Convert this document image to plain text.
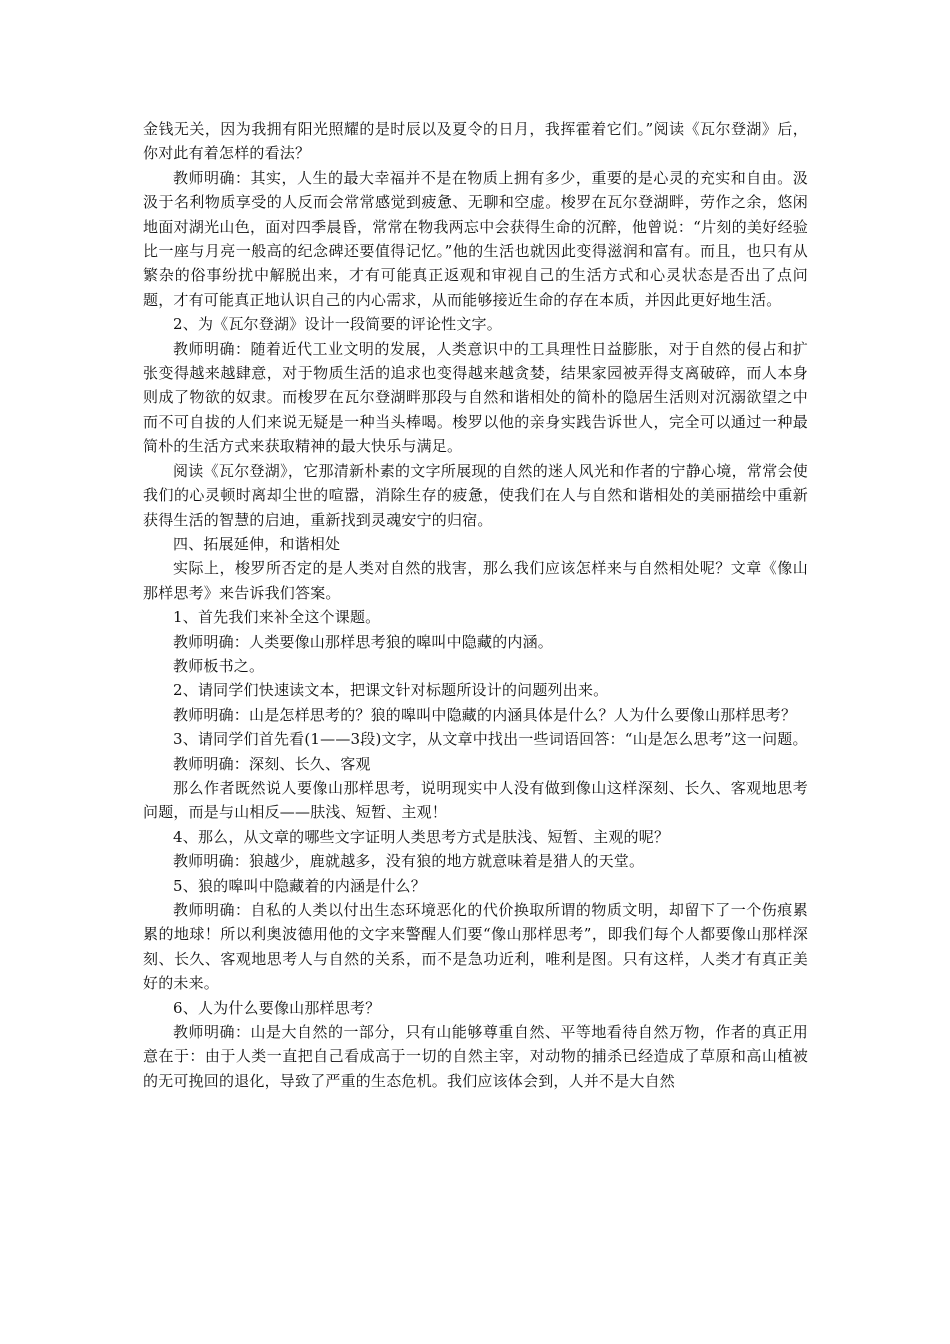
金钱无关，因为我拥有阳光照耀的是时辰以及夏令的日月，我挥霍着它们。”阅读《瓦尔登湖》后，你对此有着怎样的看法？

教师明确：其实，人生的最大幸福并不是在物质上拥有多少，重要的是心灵的充实和自由。汲汲于名利物质享受的人反而会常常感觉到疲惫、无聊和空虚。梭罗在瓦尔登湖畔，劳作之余，悠闲地面对湖光山色，面对四季晨昏，常常在物我两忘中会获得生命的沉醉，他曾说：“片刻的美好经验比一座与月亮一般高的纪念碑还要值得记忆。”他的生活也就因此变得滋润和富有。而且，也只有从繁杂的俗事纷扰中解脱出来，才有可能真正返观和审视自己的生活方式和心灵状态是否出了点问题，才有可能真正地认识自己的内心需求，从而能够接近生命的存在本质，并因此更好地生活。

2、为《瓦尔登湖》设计一段简要的评论性文字。

教师明确：随着近代工业文明的发展，人类意识中的工具理性日益膨胀，对于自然的侵占和扩张变得越来越肆意，对于物质生活的追求也变得越来越贪婪，结果家园被弄得支离破碎，而人本身则成了物欲的奴隶。而梭罗在瓦尔登湖畔那段与自然和谐相处的简朴的隐居生活则对沉溺欲望之中而不可自拔的人们来说无疑是一种当头棒喝。梭罗以他的亲身实践告诉世人，完全可以通过一种最简朴的生活方式来获取精神的最大快乐与满足。

阅读《瓦尔登湖》，它那清新朴素的文字所展现的自然的迷人风光和作者的宁静心境，常常会使我们的心灵顿时离却尘世的喧嚣，消除生存的疲惫，使我们在人与自然和谐相处的美丽描绘中重新获得生活的智慧的启迪，重新找到灵魂安宁的归宿。

四、拓展延伸，和谐相处

实际上，梭罗所否定的是人类对自然的戕害，那么我们应该怎样来与自然相处呢？文章《像山那样思考》来告诉我们答案。

1、首先我们来补全这个课题。

教师明确：人类要像山那样思考狼的嗥叫中隐藏的内涵。

教师板书之。

2、请同学们快速读文本，把课文针对标题所设计的问题列出来。

教师明确：山是怎样思考的？狼的嗥叫中隐藏的内涵具体是什么？人为什么要像山那样思考？

3、请同学们首先看(1——3段)文字，从文章中找出一些词语回答：“山是怎么思考”这一问题。

教师明确：深刻、长久、客观

那么作者既然说人要像山那样思考，说明现实中人没有做到像山这样深刻、长久、客观地思考问题，而是与山相反——肤浅、短暂、主观！

4、那么，从文章的哪些文字证明人类思考方式是肤浅、短暂、主观的呢？

教师明确：狼越少，鹿就越多，没有狼的地方就意味着是猎人的天堂。

5、狼的嗥叫中隐藏着的内涵是什么？

教师明确：自私的人类以付出生态环境恶化的代价换取所谓的物质文明，却留下了一个伤痕累累的地球！所以利奥波德用他的文字来警醒人们要“像山那样思考”，即我们每个人都要像山那样深刻、长久、客观地思考人与自然的关系，而不是急功近利，唯利是图。只有这样，人类才有真正美好的未来。

6、人为什么要像山那样思考？

教师明确：山是大自然的一部分，只有山能够尊重自然、平等地看待自然万物，作者的真正用意在于：由于人类一直把自己看成高于一切的自然主宰，对动物的捕杀已经造成了草原和高山植被的无可挽回的退化，导致了严重的生态危机。我们应该体会到，人并不是大自然
